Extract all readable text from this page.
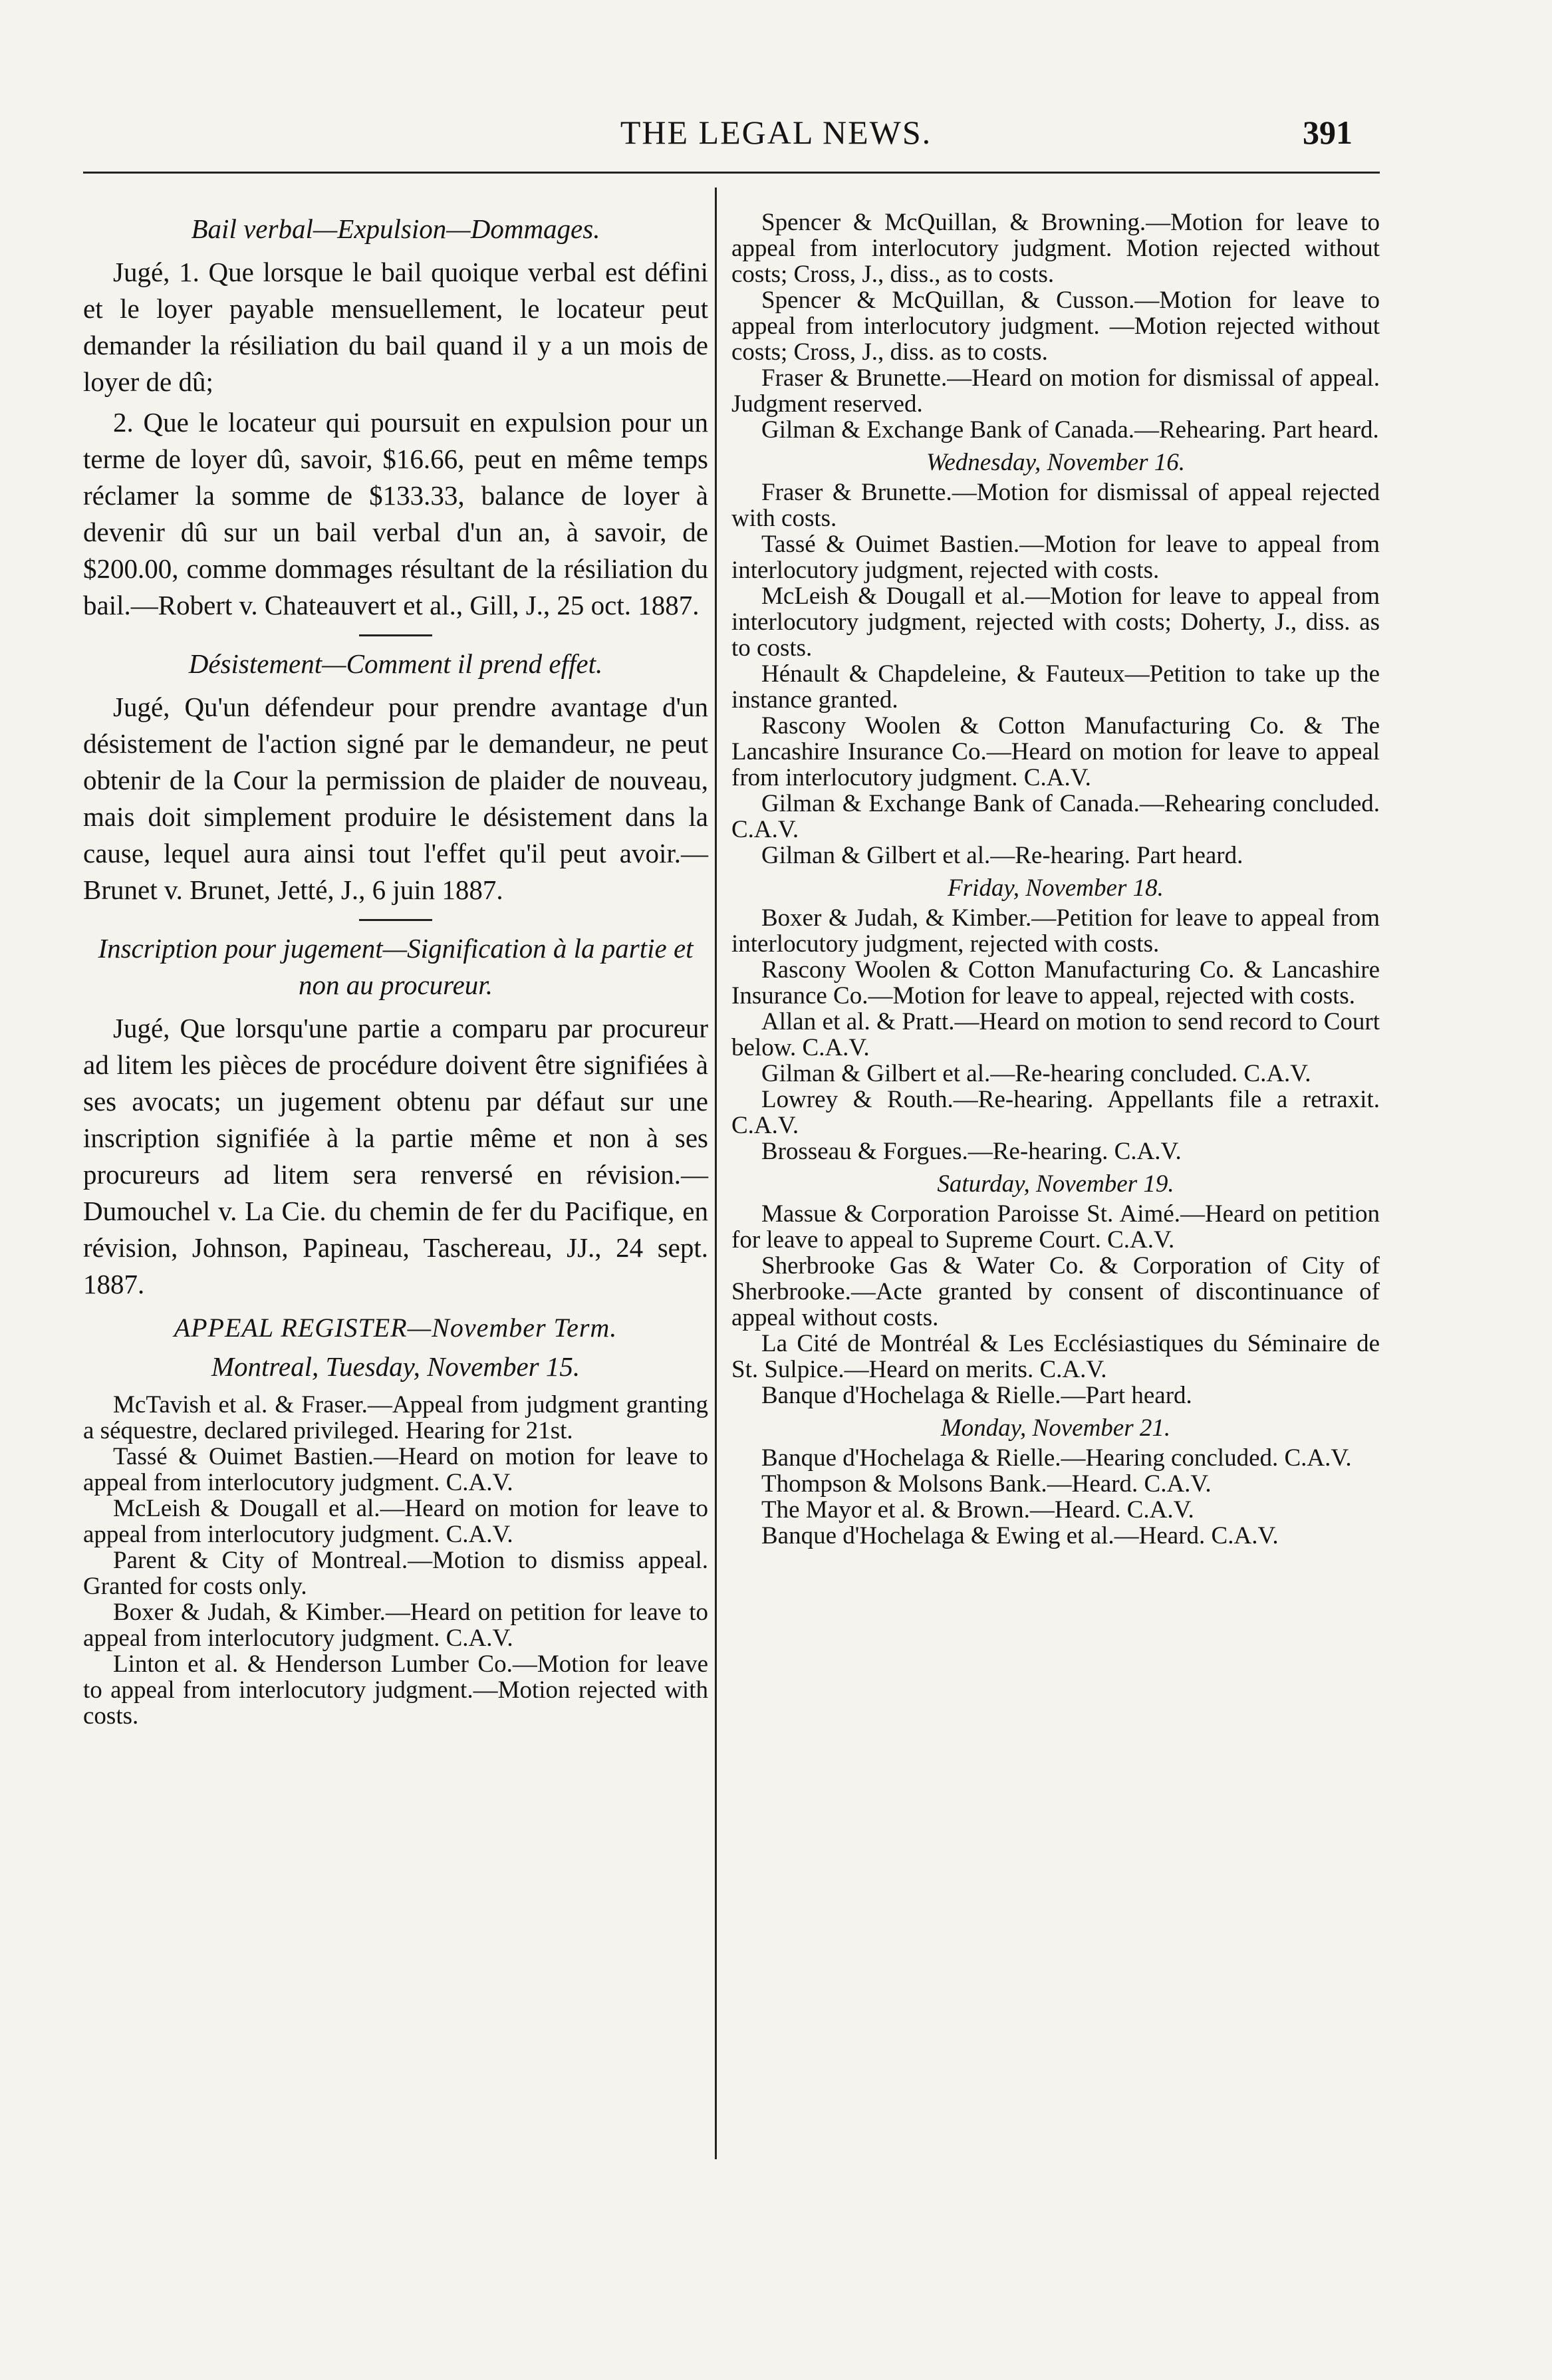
THE LEGAL NEWS.	391
Bail verbal—Expulsion—Dommages.

Jugé, 1. Que lorsque le bail quoique verbal est défini et le loyer payable mensuellement, le locateur peut demander la résiliation du bail quand il y a un mois de loyer de dû;

2. Que le locateur qui poursuit en expulsion pour un terme de loyer dû, savoir, $16.66, peut en même temps réclamer la somme de $133.33, balance de loyer à devenir dû sur un bail verbal d'un an, à savoir, de $200.00, comme dommages résultant de la résiliation du bail.—Robert v. Chateauvert et al., Gill, J., 25 oct. 1887.

Désistement—Comment il prend effet.

Jugé, Qu'un défendeur pour prendre avantage d'un désistement de l'action signé par le demandeur, ne peut obtenir de la Cour la permission de plaider de nouveau, mais doit simplement produire le désistement dans la cause, lequel aura ainsi tout l'effet qu'il peut avoir.—Brunet v. Brunet, Jetté, J., 6 juin 1887.

Inscription pour jugement—Signification à la partie et non au procureur.

Jugé, Que lorsqu'une partie a comparu par procureur ad litem les pièces de procédure doivent être signifiées à ses avocats; un jugement obtenu par défaut sur une inscription signifiée à la partie même et non à ses procureurs ad litem sera renversé en révision.—Dumouchel v. La Cie. du chemin de fer du Pacifique, en révision, Johnson, Papineau, Taschereau, JJ., 24 sept. 1887.

APPEAL REGISTER—November Term.
Montreal, Tuesday, November 15.

McTavish et al. & Fraser.—Appeal from judgment granting a séquestre, declared privileged. Hearing for 21st.

Tassé & Ouimet Bastien.—Heard on motion for leave to appeal from interlocutory judgment. C.A.V.

McLeish & Dougall et al.—Heard on motion for leave to appeal from interlocutory judgment. C.A.V.

Parent & City of Montreal.—Motion to dismiss appeal. Granted for costs only.

Boxer & Judah, & Kimber.—Heard on petition for leave to appeal from interlocutory judgment. C.A.V.

Linton et al. & Henderson Lumber Co.—Motion for leave to appeal from interlocutory judgment.—Motion rejected with costs.

Spencer & McQuillan, & Browning.—Motion for leave to appeal from interlocutory judgment. Motion rejected without costs; Cross, J., diss., as to costs.

Spencer & McQuillan, & Cusson.—Motion for leave to appeal from interlocutory judgment. —Motion rejected without costs; Cross, J., diss. as to costs.

Fraser & Brunette.—Heard on motion for dismissal of appeal. Judgment reserved.

Gilman & Exchange Bank of Canada.—Rehearing. Part heard.

Wednesday, November 16.

Fraser & Brunette.—Motion for dismissal of appeal rejected with costs.

Tassé & Ouimet Bastien.—Motion for leave to appeal from interlocutory judgment, rejected with costs.

McLeish & Dougall et al.—Motion for leave to appeal from interlocutory judgment, rejected with costs; Doherty, J., diss. as to costs.

Hénault & Chapdeleine, & Fauteux—Petition to take up the instance granted.

Rascony Woolen & Cotton Manufacturing Co. & The Lancashire Insurance Co.—Heard on motion for leave to appeal from interlocutory judgment. C.A.V.

Gilman & Exchange Bank of Canada.—Rehearing concluded. C.A.V.

Gilman & Gilbert et al.—Re-hearing. Part heard.

Friday, November 18.

Boxer & Judah, & Kimber.—Petition for leave to appeal from interlocutory judgment, rejected with costs.

Rascony Woolen & Cotton Manufacturing Co. & Lancashire Insurance Co.—Motion for leave to appeal, rejected with costs.

Allan et al. & Pratt.—Heard on motion to send record to Court below. C.A.V.

Gilman & Gilbert et al.—Re-hearing concluded. C.A.V.

Lowrey & Routh.—Re-hearing. Appellants file a retraxit. C.A.V.

Brosseau & Forgues.—Re-hearing. C.A.V.

Saturday, November 19.

Massue & Corporation Paroisse St. Aimé.—Heard on petition for leave to appeal to Supreme Court. C.A.V.

Sherbrooke Gas & Water Co. & Corporation of City of Sherbrooke.—Acte granted by consent of discontinuance of appeal without costs.

La Cité de Montréal & Les Ecclésiastiques du Séminaire de St. Sulpice.—Heard on merits. C.A.V.

Banque d'Hochelaga & Rielle.—Part heard.

Monday, November 21.

Banque d'Hochelaga & Rielle.—Hearing concluded. C.A.V.

Thompson & Molsons Bank.—Heard. C.A.V.

The Mayor et al. & Brown.—Heard. C.A.V.

Banque d'Hochelaga & Ewing et al.—Heard. C.A.V.
